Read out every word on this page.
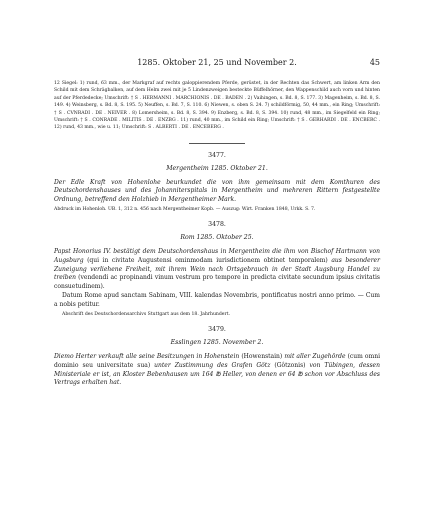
1285. Oktober 21, 25 und November 2.	45
12 Siegel: 1) rund, 63 mm., der Markgraf auf rechts galoppierendem Pferde, gerüstet, in der Rechten das Schwert, am linken Arm den Schild mit dem Schrägbalken, auf dem Helm zwei mit je 5 Lindenzweigen besteckte Büffelhörner, den Wappenschild auch vorn und hinten auf der Pferdedecke; Umschrift: † S . HERMANNI . MARCHIONIS . DE . BADEN . 2) Vaihingen, s. Bd. 8, S. 177. 3) Magenheim, s. Bd. 8, S. 149. 4) Weinsberg, s. Bd. 8, S. 195. 5) Neuffen, s. Bd. 7, S. 110. 6) Niewen, s. oben S. 24. 7) schildförmig, 50, 44 mm., ein Ring; Umschrift: † S . CVNRADI . DE . NEIVER . 8) Lomersheim, s. Bd. 8, S. 394. 9) Enzberg, s. Bd. 8, S. 394. 10) rund, 48 mm., im Siegelfeld ein Ring; Umschrift: † S . CONRADE . MILITIS . DE . ENZBG . 11) rund, 40 mm., im Schild ein Ring; Umschrift: † S . GERHARDI . DE . ENCBERC . 12) rund, 43 mm., wie u. 11; Umschrift: S . ALBERTI . DE . ENCEBERG .
3477.
Mergentheim 1285. Oktober 21.
Der Edle Kraft von Hohenlohe beurkundet die von ihm gemeinsam mit dem Komthuren des Deutschordenshauses und des Johanniterspitals in Mergentheim und mehreren Rittern festgestellte Ordnung, betreffend den Holzhieb in Mergentheimer Mark.
Abdruck im Hohenloh. UB. 1, 312 n. 456 nach Mergentheimer Kopb. — Auszug: Wirt. Franken 1848, Urkk. S. 7.
3478.
Rom 1285. Oktober 25.
Papst Honorius IV. bestätigt dem Deutschordenshaus in Mergentheim die ihm von Bischof Hartmann von Augsburg (qui in civitate Augustensi ominmodam iurisdictionem obtinet temporalem) aus besonderer Zuneigung verliehene Freiheit, mit ihrem Wein nach Ortsgebrauch in der Stadt Augsburg Handel zu treiben (vendendi ac propinandi vinum vestrum pro tempore in predicta civitate secundum ipsius civitatis consuetudinem).
Datum Rome apud sanctam Sabinam, VIII. kalendas Novembris, pontificatus nostri anno primo. — Cum a nobis petitur.
Abschrift des Deutschordensarchivs Stuttgart aus dem 18. Jahrhundert.
3479.
Esslingen 1285. November 2.
Diemo Herter verkauft alle seine Besitzungen in Hohenstein (Howenstain) mit aller Zugehörde (cum omni dominio seu universitate sua) unter Zustimmung des Grafen Götz (Gôtzonis) von Tübingen, dessen Ministeriale er ist, an Kloster Bebenhausen um 164 ℔ Heller, von denen er 64 ℔ schon vor Abschluss des Vertrags erhalten hat.
